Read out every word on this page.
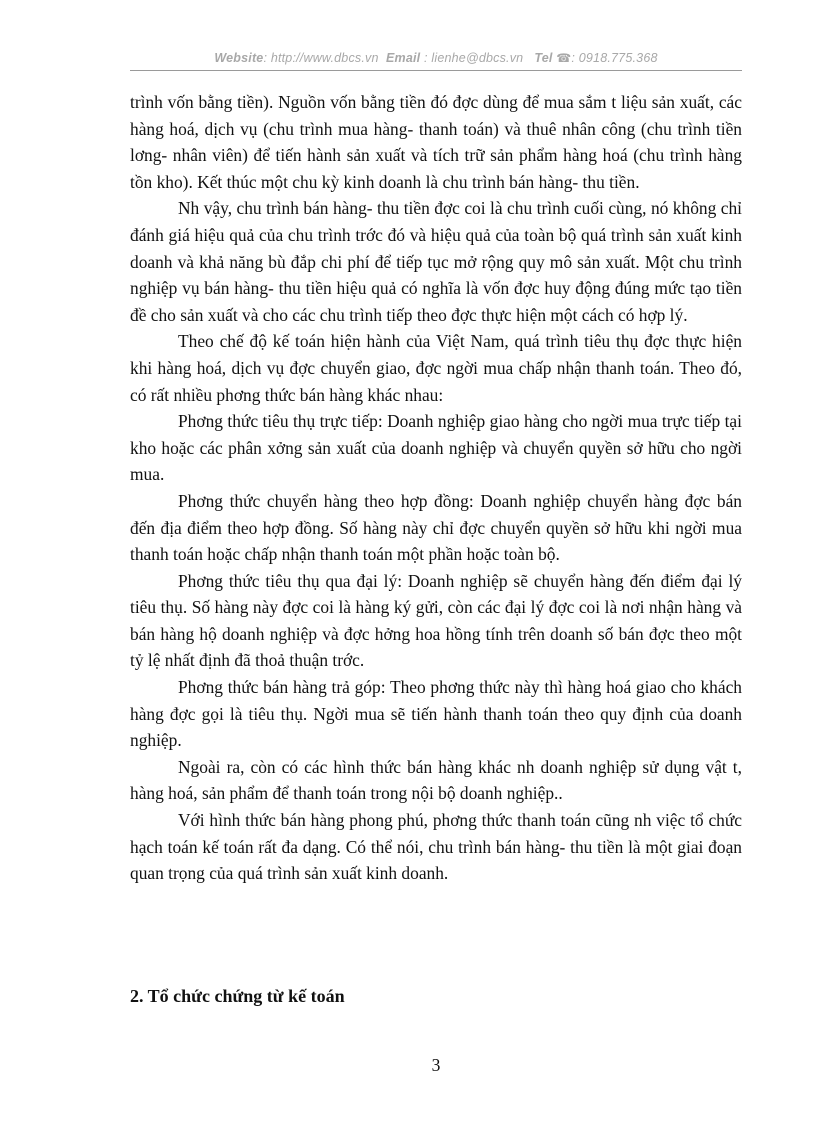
Website: http://www.dbcs.vn Email : lienhe@dbcs.vn Tel ☎: 0918.775.368

trình vốn bằng tiền). Nguồn vốn bằng tiền đó đợc dùng để mua sắm t liệu sản xuất, các hàng hoá, dịch vụ (chu trình mua hàng- thanh toán) và thuê nhân công (chu trình tiền lơng- nhân viên) để tiến hành sản xuất và tích trữ sản phẩm hàng hoá (chu trình hàng tồn kho). Kết thúc một chu kỳ kinh doanh là chu trình bán hàng- thu tiền.

Nh vậy, chu trình bán hàng- thu tiền đợc coi là chu trình cuối cùng, nó không chỉ đánh giá hiệu quả của chu trình trớc đó và hiệu quả của toàn bộ quá trình sản xuất kinh doanh và khả năng bù đắp chi phí để tiếp tục mở rộng quy mô sản xuất. Một chu trình nghiệp vụ bán hàng- thu tiền hiệu quả có nghĩa là vốn đợc huy động đúng mức tạo tiền đề cho sản xuất và cho các chu trình tiếp theo đợc thực hiện một cách có hợp lý.

Theo chế độ kế toán hiện hành của Việt Nam, quá trình tiêu thụ đợc thực hiện khi hàng hoá, dịch vụ đợc chuyển giao, đợc ngời mua chấp nhận thanh toán. Theo đó, có rất nhiều phơng thức bán hàng khác nhau:

Phơng thức tiêu thụ trực tiếp: Doanh nghiệp giao hàng cho ngời mua trực tiếp tại kho hoặc các phân xởng sản xuất của doanh nghiệp và chuyển quyền sở hữu cho ngời mua.

Phơng thức chuyển hàng theo hợp đồng: Doanh nghiệp chuyển hàng đợc bán đến địa điểm theo hợp đồng. Số hàng này chỉ đợc chuyển quyền sở hữu khi ngời mua thanh toán hoặc chấp nhận thanh toán một phần hoặc toàn bộ.

Phơng thức tiêu thụ qua đại lý: Doanh nghiệp sẽ chuyển hàng đến điểm đại lý tiêu thụ. Số hàng này đợc coi là hàng ký gửi, còn các đại lý đợc coi là nơi nhận hàng và bán hàng hộ doanh nghiệp và đợc hởng hoa hồng tính trên doanh số bán đợc theo một tỷ lệ nhất định đã thoả thuận trớc.

Phơng thức bán hàng trả góp: Theo phơng thức này thì hàng hoá giao cho khách hàng đợc gọi là tiêu thụ. Ngời mua sẽ tiến hành thanh toán theo quy định của doanh nghiệp.

Ngoài ra, còn có các hình thức bán hàng khác nh doanh nghiệp sử dụng vật t, hàng hoá, sản phẩm để thanh toán trong nội bộ doanh nghiệp..

Với hình thức bán hàng phong phú, phơng thức thanh toán cũng nh việc tổ chức hạch toán kế toán rất đa dạng. Có thể nói, chu trình bán hàng- thu tiền là một giai đoạn quan trọng của quá trình sản xuất kinh doanh.

2. Tổ chức chứng từ kế toán
3
